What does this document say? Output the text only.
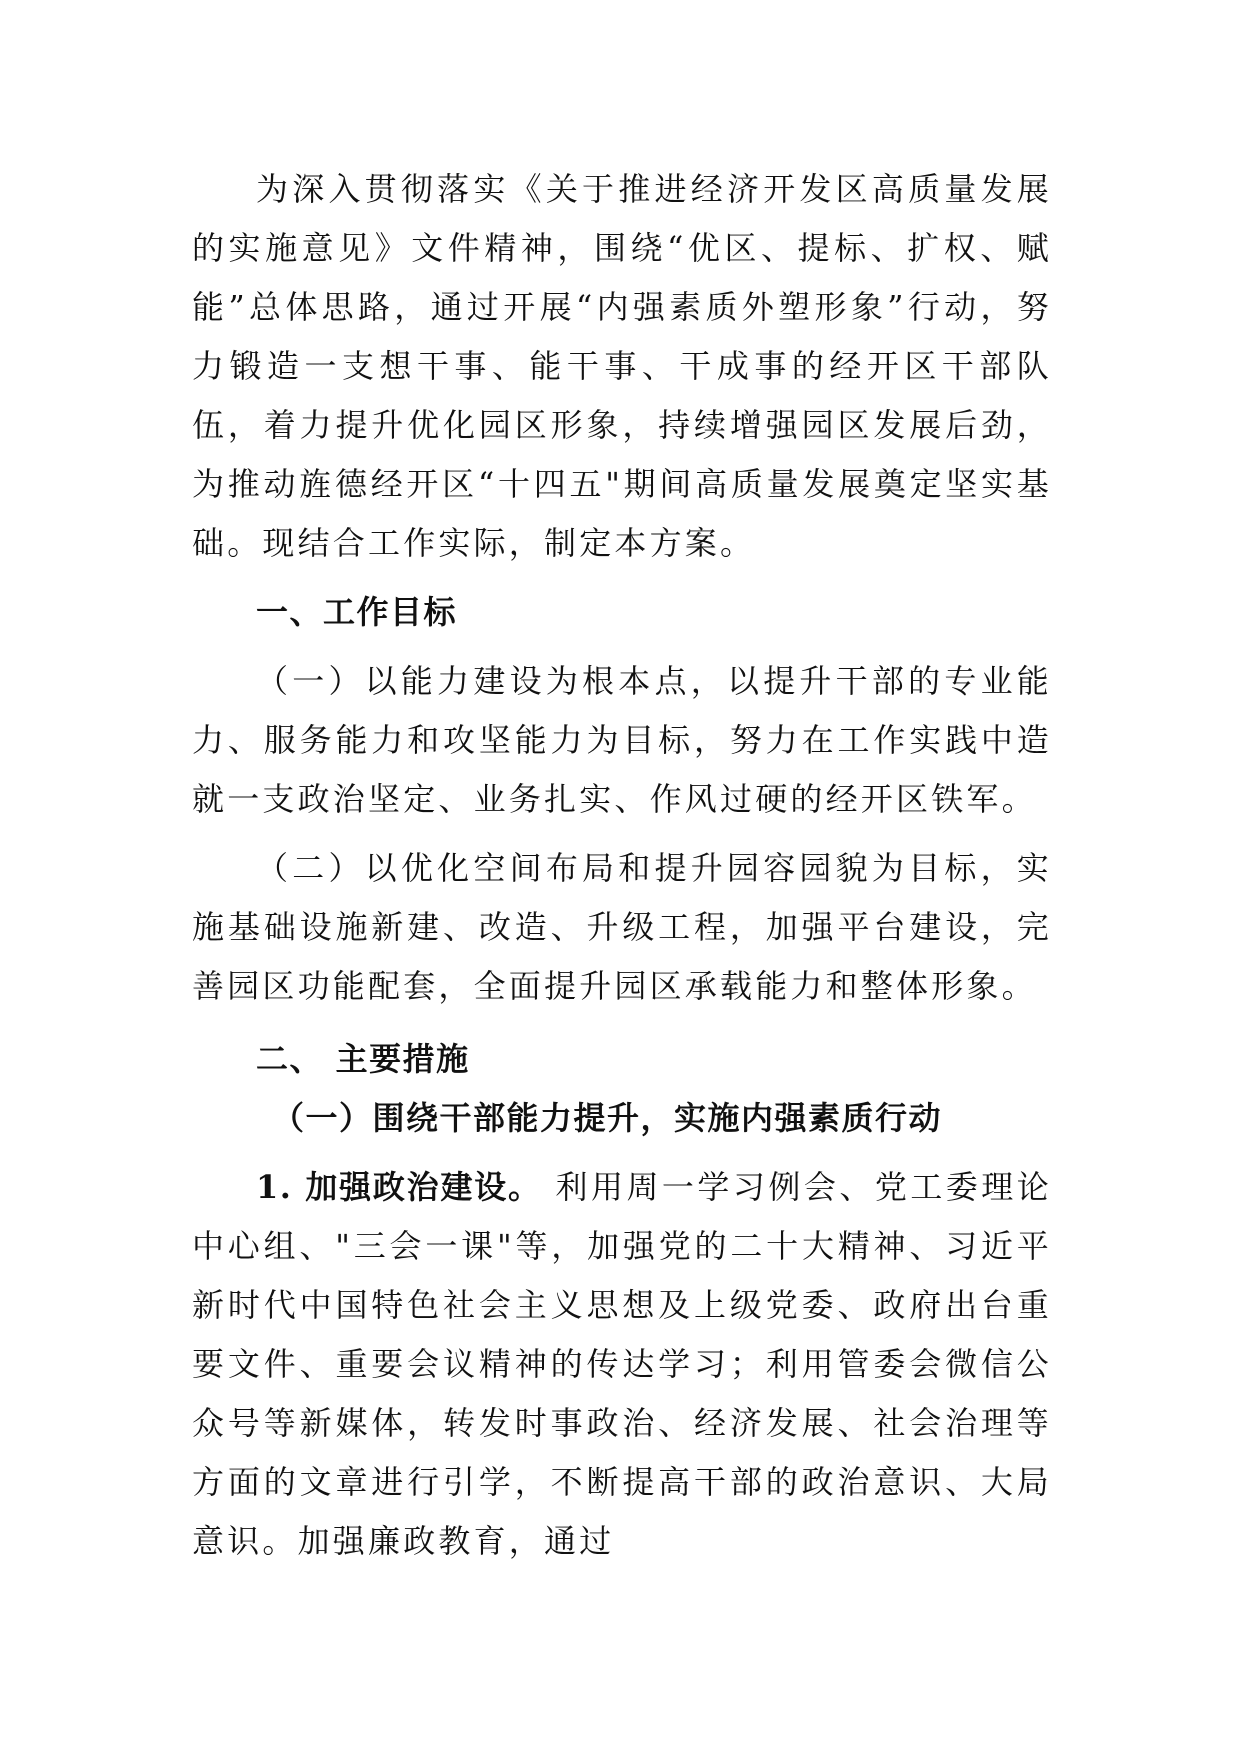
为深入贯彻落实《关于推进经济开发区高质量发展的实施意见》文件精神，围绕“优区、提标、扩权、赋能”总体思路，通过开展“内强素质外塑形象”行动，努力锻造一支想干事、能干事、干成事的经开区干部队伍，着力提升优化园区形象，持续增强园区发展后劲，为推动旌德经开区“十四五"期间高质量发展奠定坚实基础。现结合工作实际，制定本方案。

一、工作目标

（一）以能力建设为根本点，以提升干部的专业能力、服务能力和攻坚能力为目标，努力在工作实践中造就一支政治坚定、业务扎实、作风过硬的经开区铁军。

（二）以优化空间布局和提升园容园貌为目标，实施基础设施新建、改造、升级工程，加强平台建设，完善园区功能配套，全面提升园区承载能力和整体形象。

二、 主要措施

（一）围绕干部能力提升，实施内强素质行动

1. 加强政治建设。 利用周一学习例会、党工委理论中心组、"三会一课"等，加强党的二十大精神、习近平新时代中国特色社会主义思想及上级党委、政府出台重要文件、重要会议精神的传达学习；利用管委会微信公众号等新媒体，转发时事政治、经济发展、社会治理等方面的文章进行引学，不断提高干部的政治意识、大局意识。加强廉政教育，通过
